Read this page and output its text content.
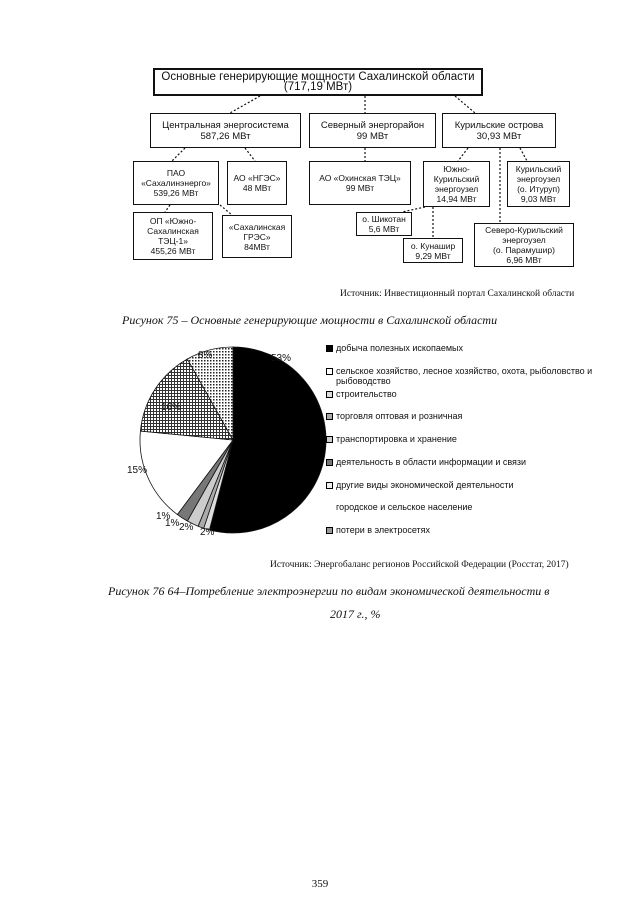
Основные генерирующие мощности Сахалинской области (717,19 МВт)
Центральная энергосистема
587,26 МВт
Северный энергорайон
99 МВт
Курильские острова
30,93 МВт
ПАО
«Сахалинэнерго»
539,26 МВт
АО «НГЭС»
48 МВт
АО «Охинская ТЭЦ»
99 МВт
Южно-
Курильский
энергоузел
14,94 МВт
Курильский
энергоузел
(о. Итуруп)
9,03 МВт
ОП «Южно-
Сахалинская
ТЭЦ-1»
455,26 МВт
«Сахалинская
ГРЭС»
84МВт
о. Шикотан
5,6 МВт
о. Кунашир
9,29 МВт
Северо-Курильский
энергоузел
(о. Парамушир)
6,96 МВт
Источник: Инвестиционный портал Сахалинской области
Рисунок 75 – Основные генерирующие мощности в Сахалинской области
53%
8%
16%
15%
1%
1% 2% 2%
добыча полезных ископаемых
сельское хозяйство, лесное хозяйство, охота, рыболовство и рыбоводство
строительство
торговля оптовая и розничная
транспортировка и хранение
деятельность в области информации и связи
другие виды экономической деятельности
городское и сельское население
потери в электросетях
Источник: Энергобаланс регионов Российской Федерации (Росстат, 2017)
Рисунок 76 64–Потребление электроэнергии по видам экономической деятельности в
2017 г., %
359
